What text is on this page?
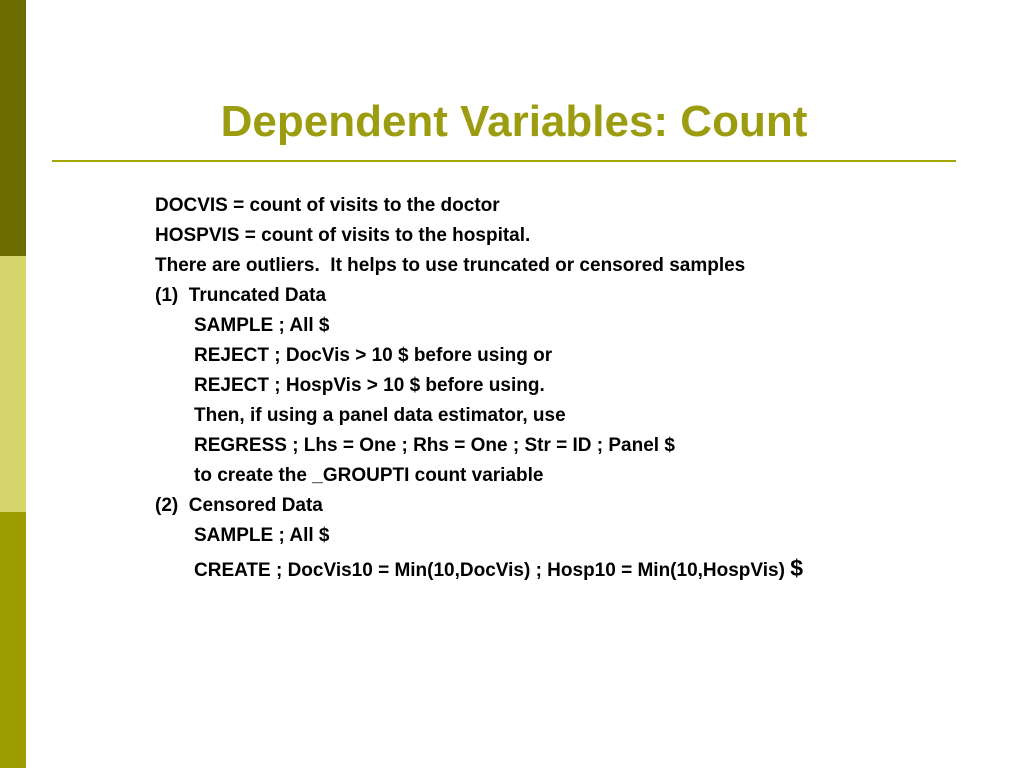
Dependent Variables: Count
DOCVIS = count of visits to the doctor
HOSPVIS = count of visits to the hospital.
There are outliers.  It helps to use truncated or censored samples
(1)  Truncated Data
SAMPLE ; All $
REJECT ; DocVis > 10 $ before using or
REJECT ; HospVis > 10 $ before using.
Then, if using a panel data estimator, use
REGRESS ; Lhs = One ; Rhs = One ; Str = ID ; Panel $
to create the _GROUPTI count variable
(2)  Censored Data
SAMPLE ; All $
CREATE ; DocVis10 = Min(10,DocVis) ; Hosp10 = Min(10,HospVis) $
